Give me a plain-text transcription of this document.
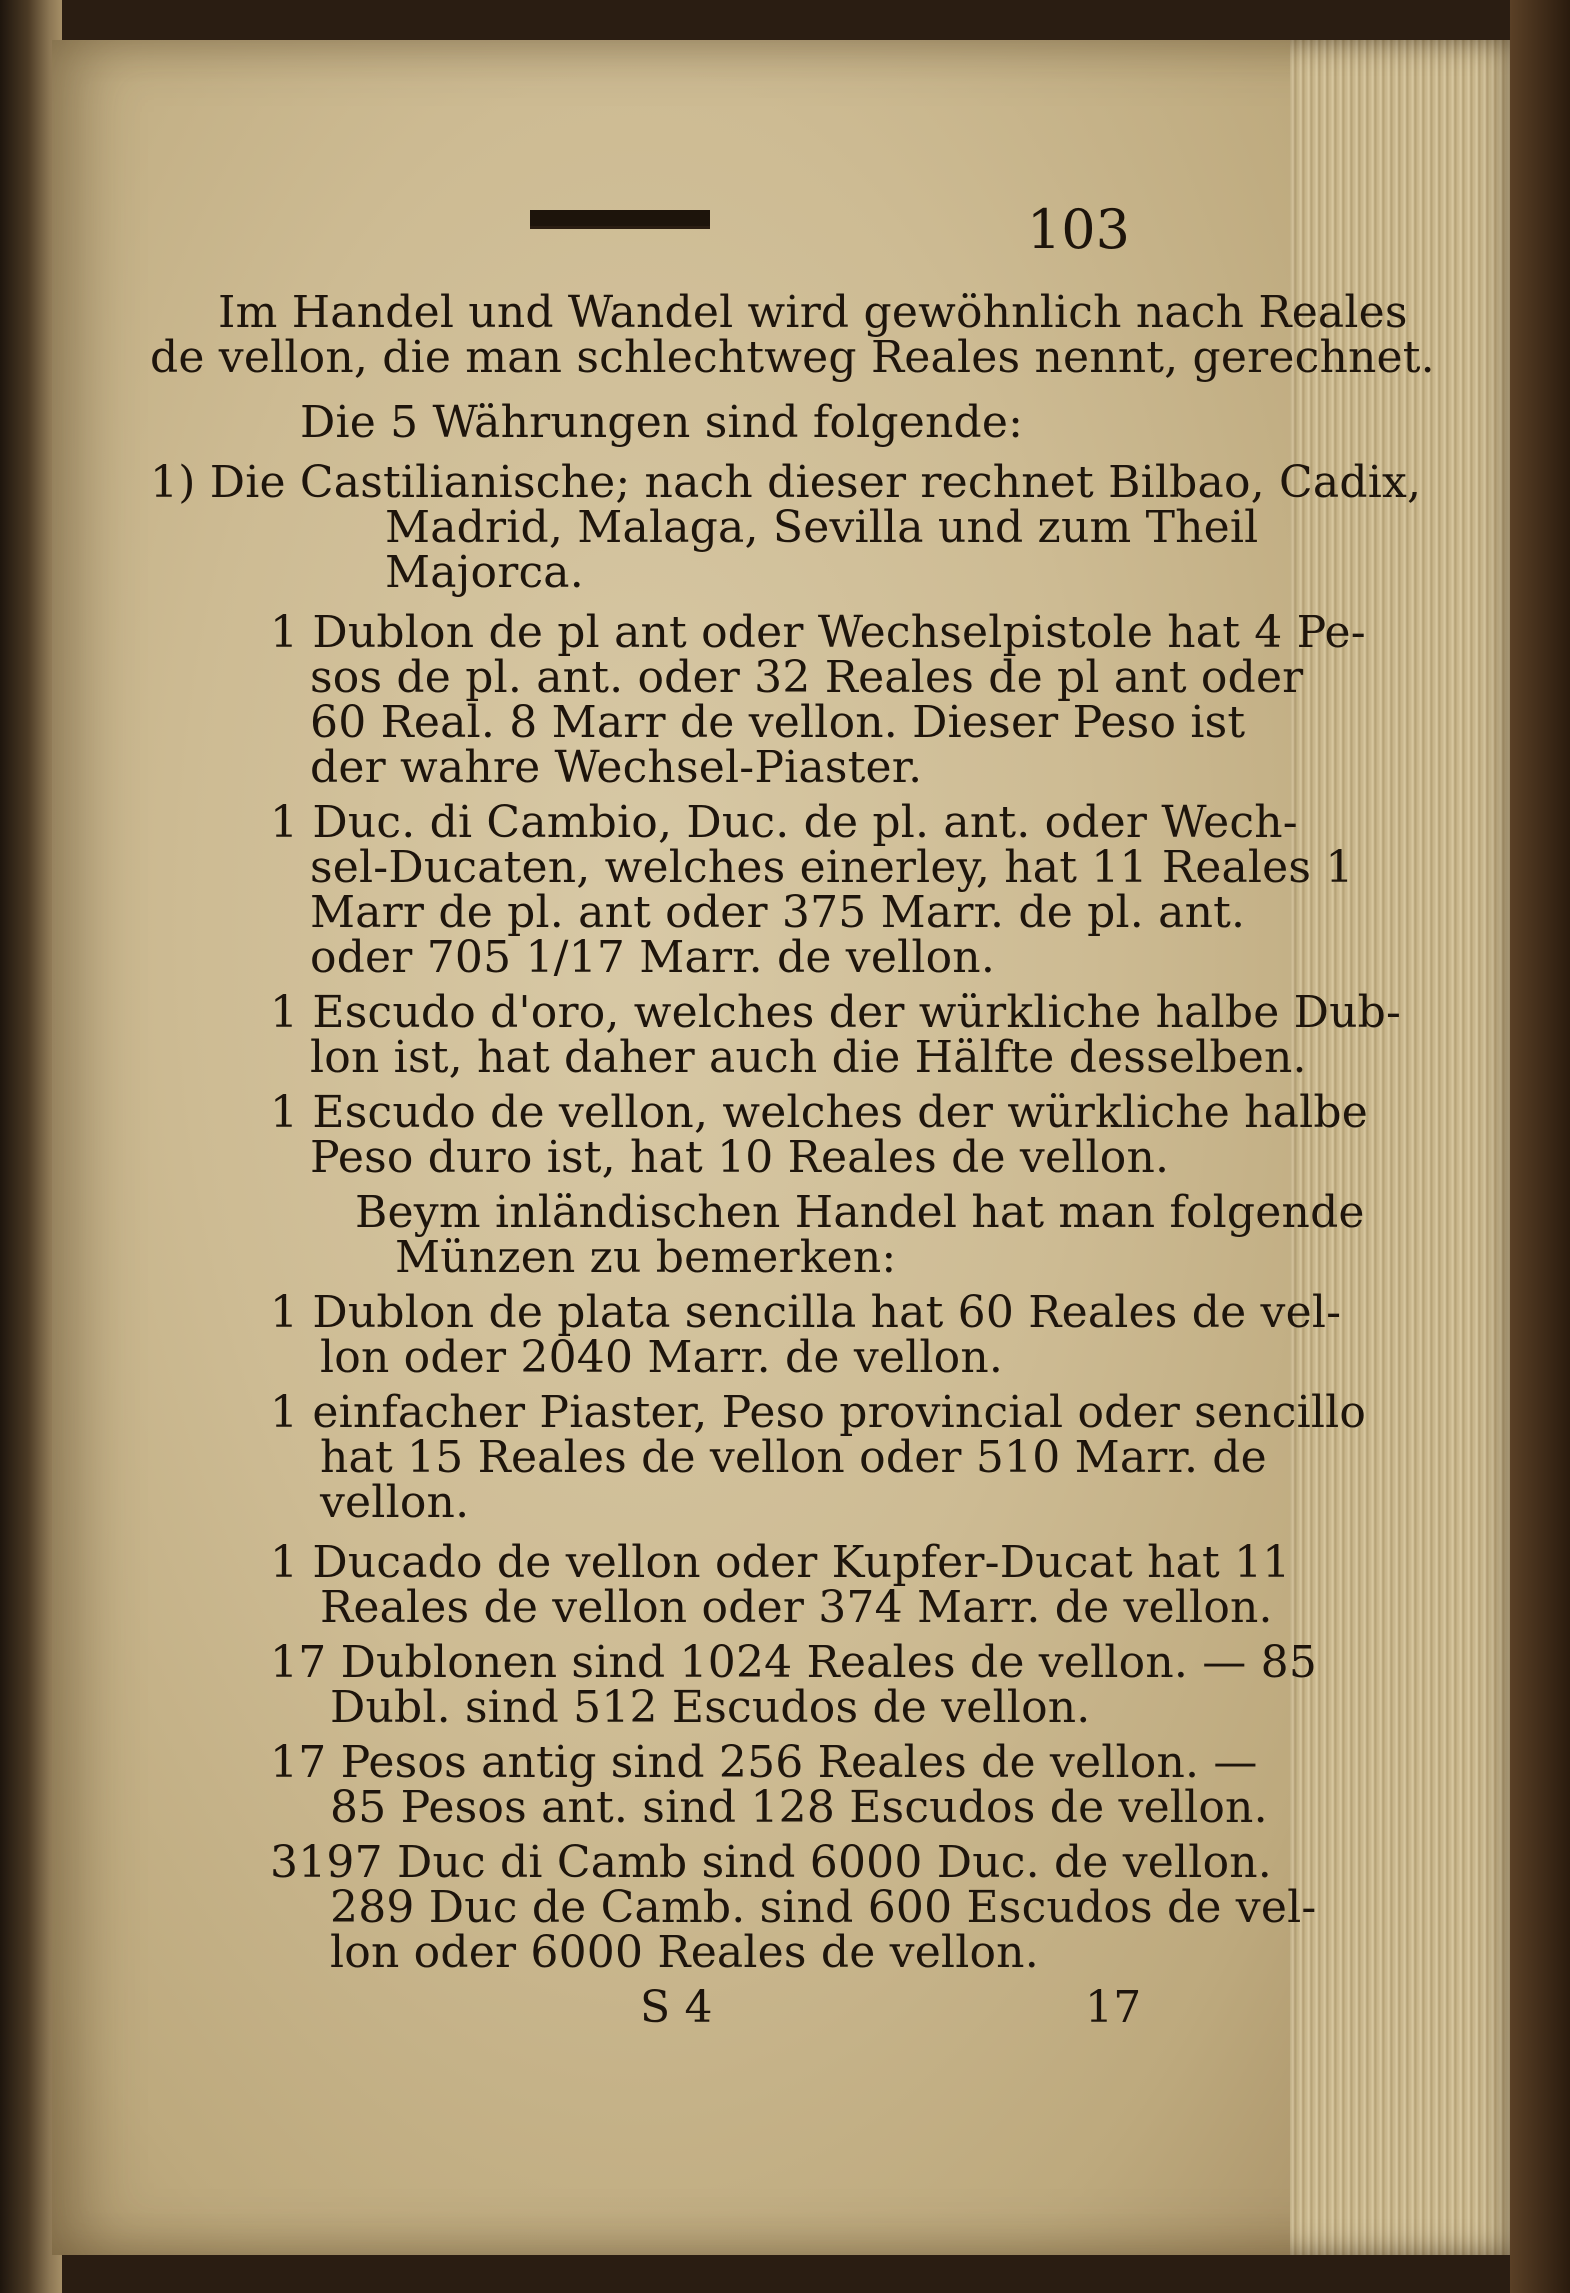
103
Im Handel und Wandel wird gewöhnlich nach Reales
de vellon, die man schlechtweg Reales nennt, gerechnet.
Die 5 Währungen sind folgende:
1) Die Castilianische; nach dieser rechnet Bilbao, Cadix,
Madrid, Malaga, Sevilla und zum Theil
Majorca.
1 Dublon de pl ant oder Wechselpistole hat 4 Pe-
sos de pl. ant. oder 32 Reales de pl ant oder
60 Real. 8 Marr de vellon. Dieser Peso ist
der wahre Wechsel-Piaster.
1 Duc. di Cambio, Duc. de pl. ant. oder Wech-
sel-Ducaten, welches einerley, hat 11 Reales 1
Marr de pl. ant oder 375 Marr. de pl. ant.
oder 705 1/17 Marr. de vellon.
1 Escudo d'oro, welches der würkliche halbe Dub-
lon ist, hat daher auch die Hälfte desselben.
1 Escudo de vellon, welches der würkliche halbe
Peso duro ist, hat 10 Reales de vellon.
Beym inländischen Handel hat man folgende
Münzen zu bemerken:
1 Dublon de plata sencilla hat 60 Reales de vel-
lon oder 2040 Marr. de vellon.
1 einfacher Piaster, Peso provincial oder sencillo
hat 15 Reales de vellon oder 510 Marr. de
vellon.
1 Ducado de vellon oder Kupfer-Ducat hat 11
Reales de vellon oder 374 Marr. de vellon.
17 Dublonen sind 1024 Reales de vellon. — 85
Dubl. sind 512 Escudos de vellon.
17 Pesos antig sind 256 Reales de vellon. —
85 Pesos ant. sind 128 Escudos de vellon.
3197 Duc di Camb sind 6000 Duc. de vellon.
289 Duc de Camb. sind 600 Escudos de vel-
lon oder 6000 Reales de vellon.
S 4	17
